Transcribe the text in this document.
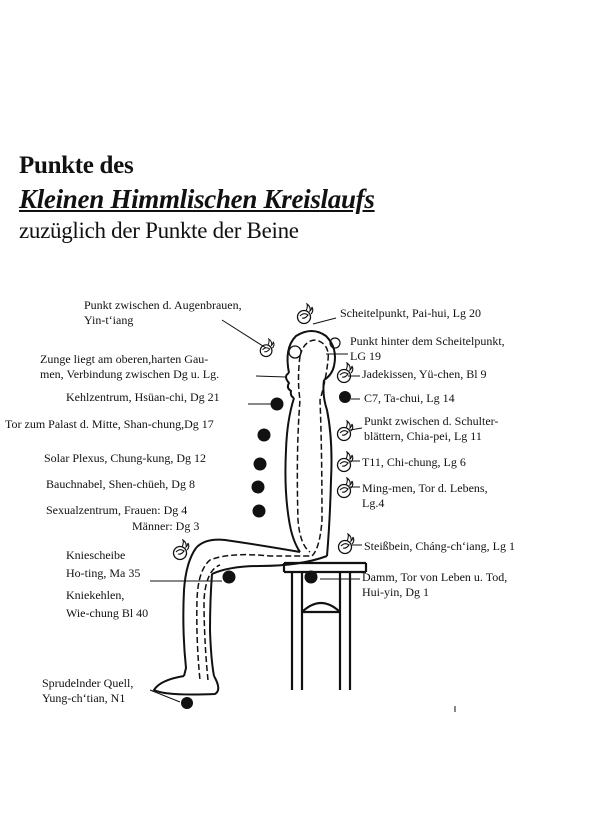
Punkte des
Kleinen Himmlischen Kreislaufs
zuzüglich der Punkte der Beine
Punkt zwischen d. Augenbrauen,
Yin-t‘iang
Zunge liegt am oberen,harten Gau-
men, Verbindung zwischen Dg u. Lg.
Kehlzentrum, Hsüan-chi, Dg 21
Tor zum Palast d. Mitte, Shan-chung,Dg 17
Solar Plexus, Chung-kung, Dg 12
Bauchnabel, Shen-chüeh, Dg 8
Sexualzentrum, Frauen: Dg 4
Männer: Dg 3
Kniescheibe
Ho-ting, Ma 35
Kniekehlen,
Wie-chung Bl 40
Sprudelnder Quell,
Yung-ch‘tian, N1
Scheitelpunkt, Pai-hui, Lg 20
Punkt hinter dem Scheitelpunkt,
LG 19
Jadekissen, Yü-chen, Bl 9
C7, Ta-chui, Lg 14
Punkt zwischen d. Schulter-
blättern, Chia-pei, Lg 11
T11, Chi-chung, Lg 6
Ming-men, Tor d. Lebens,
Lg.4
Steißbein, Cháng-ch‘iang, Lg 1
Damm, Tor von Leben u. Tod,
Hui-yin, Dg 1
